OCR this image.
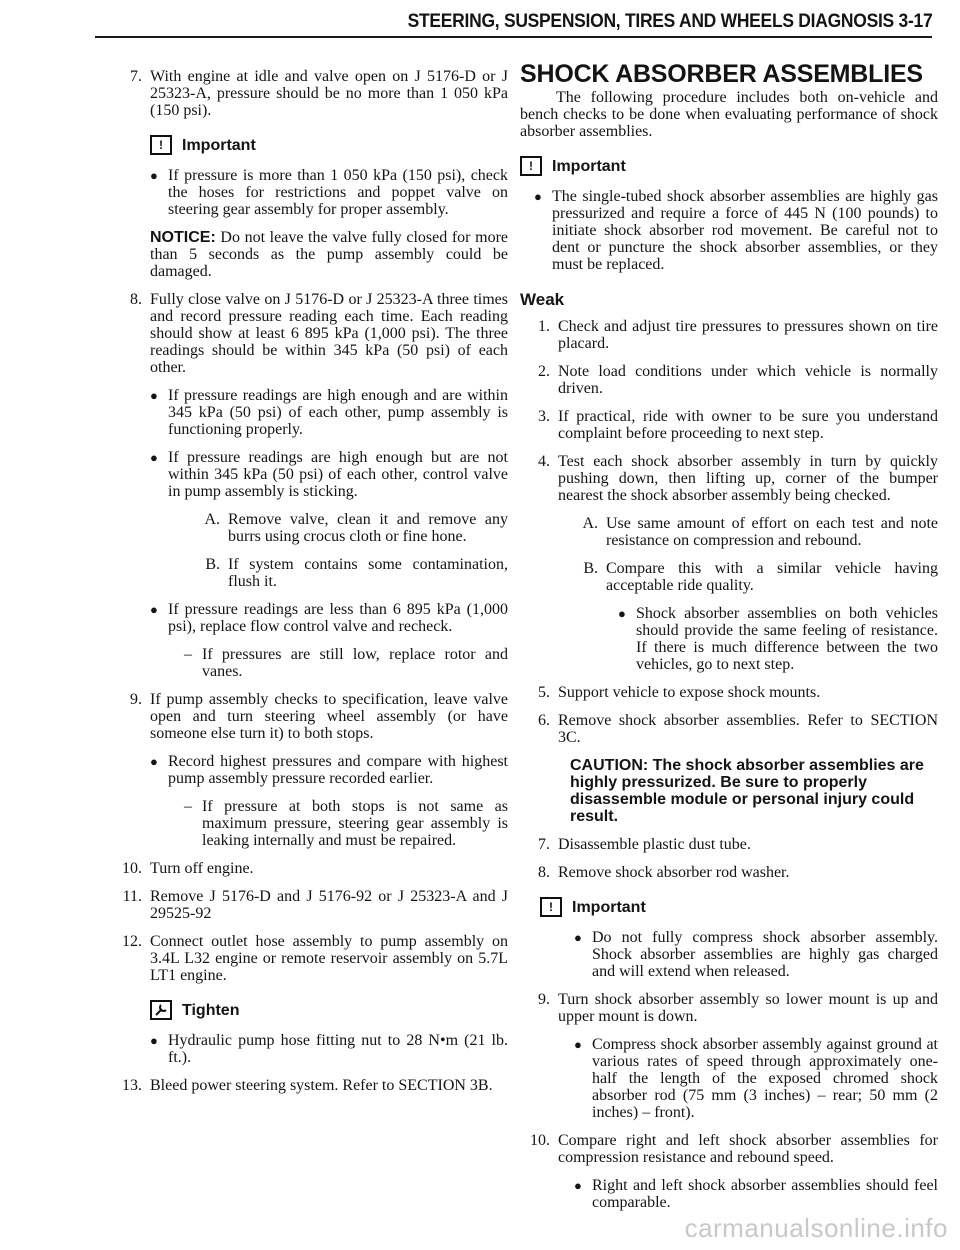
STEERING, SUSPENSION, TIRES AND WHEELS DIAGNOSIS 3-17
7. With engine at idle and valve open on J 5176-D or J 25323-A, pressure should be no more than 1 050 kPa (150 psi).
!	Important
● If pressure is more than 1 050 kPa (150 psi), check the hoses for restrictions and poppet valve on steering gear assembly for proper assembly.
NOTICE: Do not leave the valve fully closed for more than 5 seconds as the pump assembly could be damaged.
8. Fully close valve on J 5176-D or J 25323-A three times and record pressure reading each time. Each reading should show at least 6 895 kPa (1,000 psi). The three readings should be within 345 kPa (50 psi) of each other.
● If pressure readings are high enough and are within 345 kPa (50 psi) of each other, pump assembly is functioning properly.
● If pressure readings are high enough but are not within 345 kPa (50 psi) of each other, control valve in pump assembly is sticking.
A. Remove valve, clean it and remove any burrs using crocus cloth or fine hone.
B. If system contains some contamination, flush it.
● If pressure readings are less than 6 895 kPa (1,000 psi), replace flow control valve and recheck.
– If pressures are still low, replace rotor and vanes.
9. If pump assembly checks to specification, leave valve open and turn steering wheel assembly (or have someone else turn it) to both stops.
● Record highest pressures and compare with highest pump assembly pressure recorded earlier.
– If pressure at both stops is not same as maximum pressure, steering gear assembly is leaking internally and must be repaired.
10. Turn off engine.
11. Remove J 5176-D and J 5176-92 or J 25323-A and J 29525-92
12. Connect outlet hose assembly to pump assembly on 3.4L L32 engine or remote reservoir assembly on 5.7L LT1 engine.
Tighten
● Hydraulic pump hose fitting nut to 28 N•m (21 lb. ft.).
13. Bleed power steering system. Refer to SECTION 3B.
SHOCK ABSORBER ASSEMBLIES
The following procedure includes both on-vehicle and bench checks to be done when evaluating performance of shock absorber assemblies.
!	Important
● The single-tubed shock absorber assemblies are highly gas pressurized and require a force of 445 N (100 pounds) to initiate shock absorber rod movement. Be careful not to dent or puncture the shock absorber assemblies, or they must be replaced.
Weak
1. Check and adjust tire pressures to pressures shown on tire placard.
2. Note load conditions under which vehicle is normally driven.
3. If practical, ride with owner to be sure you understand complaint before proceeding to next step.
4. Test each shock absorber assembly in turn by quickly pushing down, then lifting up, corner of the bumper nearest the shock absorber assembly being checked.
A. Use same amount of effort on each test and note resistance on compression and rebound.
B. Compare this with a similar vehicle having acceptable ride quality.
● Shock absorber assemblies on both vehicles should provide the same feeling of resistance. If there is much difference between the two vehicles, go to next step.
5. Support vehicle to expose shock mounts.
6. Remove shock absorber assemblies. Refer to SECTION 3C.
CAUTION: The shock absorber assemblies are highly pressurized. Be sure to properly disassemble module or personal injury could result.
7. Disassemble plastic dust tube.
8. Remove shock absorber rod washer.
!	Important
● Do not fully compress shock absorber assembly. Shock absorber assemblies are highly gas charged and will extend when released.
9. Turn shock absorber assembly so lower mount is up and upper mount is down.
● Compress shock absorber assembly against ground at various rates of speed through approximately one-half the length of the exposed chromed shock absorber rod (75 mm (3 inches) – rear; 50 mm (2 inches) – front).
10. Compare right and left shock absorber assemblies for compression resistance and rebound speed.
● Right and left shock absorber assemblies should feel comparable.
carmanualsonline.info
